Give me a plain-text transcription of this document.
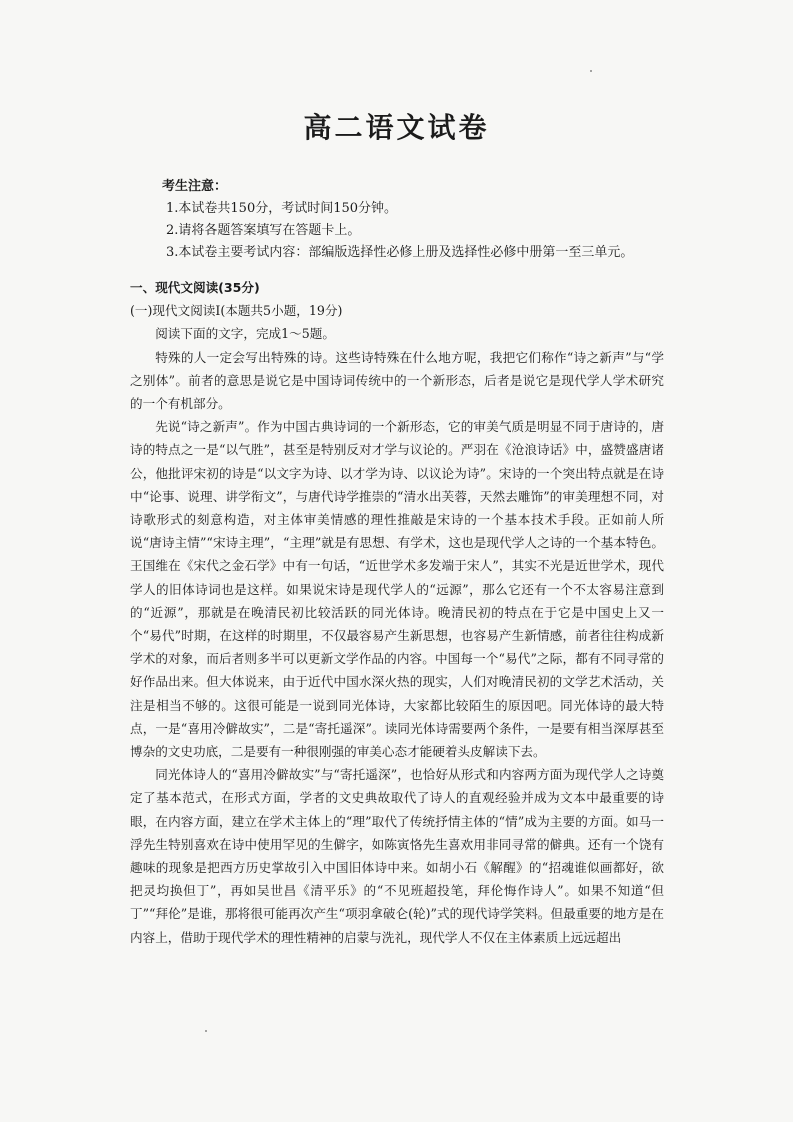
高二语文试卷
考生注意：
1.本试卷共150分，考试时间150分钟。
2.请将各题答案填写在答题卡上。
3.本试卷主要考试内容：部编版选择性必修上册及选择性必修中册第一至三单元。
一、现代文阅读(35分)
(一)现代文阅读Ⅰ(本题共5小题，19分)
阅读下面的文字，完成1～5题。

特殊的人一定会写出特殊的诗。这些诗特殊在什么地方呢，我把它们称作“诗之新声”与“学之别体”。前者的意思是说它是中国诗词传统中的一个新形态，后者是说它是现代学人学术研究的一个有机部分。

先说“诗之新声”。作为中国古典诗词的一个新形态，它的审美气质是明显不同于唐诗的，唐诗的特点之一是“以气胜”，甚至是特别反对才学与议论的。严羽在《沧浪诗话》中，盛赞盛唐诸公，他批评宋初的诗是“以文字为诗、以才学为诗、以议论为诗”。宋诗的一个突出特点就是在诗中“论事、说理、讲学衔文”，与唐代诗学推崇的“清水出芙蓉，天然去雕饰”的审美理想不同，对诗歌形式的刻意构造，对主体审美情感的理性推敲是宋诗的一个基本技术手段。正如前人所说“唐诗主情”“宋诗主理”，“主理”就是有思想、有学术，这也是现代学人之诗的一个基本特色。王国维在《宋代之金石学》中有一句话，“近世学术多发端于宋人”，其实不光是近世学术，现代学人的旧体诗词也是这样。如果说宋诗是现代学人的“远源”，那么它还有一个不太容易注意到的“近源”，那就是在晚清民初比较活跃的同光体诗。晚清民初的特点在于它是中国史上又一个“易代”时期，在这样的时期里，不仅最容易产生新思想，也容易产生新情感，前者往往构成新学术的对象，而后者则多半可以更新文学作品的内容。中国每一个“易代”之际，都有不同寻常的好作品出来。但大体说来，由于近代中国水深火热的现实，人们对晚清民初的文学艺术活动，关注是相当不够的。这很可能是一说到同光体诗，大家都比较陌生的原因吧。同光体诗的最大特点，一是“喜用冷僻故实”，二是“寄托遥深”。读同光体诗需要两个条件，一是要有相当深厚甚至博杂的文史功底，二是要有一种很刚强的审美心态才能硬着头皮解读下去。

同光体诗人的“喜用冷僻故实”与“寄托遥深”，也恰好从形式和内容两方面为现代学人之诗奠定了基本范式，在形式方面，学者的文史典故取代了诗人的直观经验并成为文本中最重要的诗眼，在内容方面，建立在学术主体上的“理”取代了传统抒情主体的“情”成为主要的方面。如马一浮先生特别喜欢在诗中使用罕见的生僻字，如陈寅恪先生喜欢用非同寻常的僻典。还有一个饶有趣味的现象是把西方历史掌故引入中国旧体诗中来。如胡小石《解醒》的“招魂谁似画都好，欲把灵均换但丁”，再如吴世昌《清平乐》的“不见班超投笔，拜伦悔作诗人”。如果不知道“但丁”“拜伦”是谁，那将很可能再次产生“项羽拿破仑(轮)”式的现代诗学笑料。但最重要的地方是在内容上，借助于现代学术的理性精神的启蒙与洗礼，现代学人不仅在主体素质上远远超出
